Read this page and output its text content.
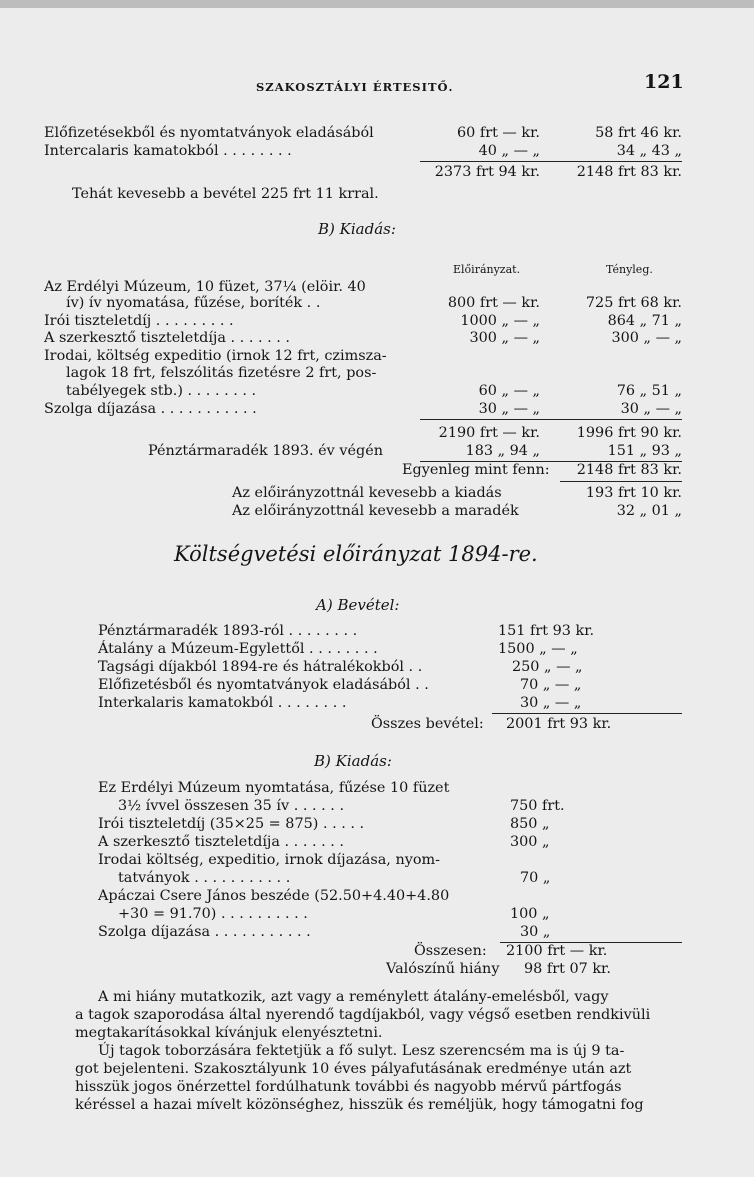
SZAKOSZTÁLYI ÉRTESITŐ.	121
Előfizetésekből és nyomtatványok eladásából	60 frt — kr.	58 frt 46 kr.
Intercalaris kamatokból . . . . . . . .	40 „ — „	34 „ 43 „
2373 frt 94 kr.	2148 frt 83 kr.
Tehát kevesebb a bevétel 225 frt 11 krral.
B) Kiadás:
Előirányzat.	Tényleg.
Az Erdélyi Múzeum, 10 füzet, 37¼ (elöir. 40
ív) ív nyomatása, fűzése, boríték . .	800 frt — kr.	725 frt 68 kr.
Irói tiszteletdíj . . . . . . . . .	1000 „ — „	864 „ 71 „
A szerkesztő tiszteletdíja . . . . . . .	300 „ — „	300 „ — „
Irodai, költség expeditio (irnok 12 frt, czimsza-
lagok 18 frt, felszólitás fizetésre 2 frt, pos-
tabélyegek stb.) . . . . . . . .	60 „ — „	76 „ 51 „
Szolga díjazása . . . . . . . . . . .	30 „ — „	30 „ — „
2190 frt — kr.	1996 frt 90 kr.
Pénztármaradék 1893. év végén	183 „ 94 „	151 „ 93 „
Egyenleg mint fenn:	2148 frt 83 kr.
Az előirányzottnál kevesebb a kiadás	193 frt 10 kr.
Az előirányzottnál kevesebb a maradék	32 „ 01 „
Költségvetési előirányzat 1894-re.
A) Bevétel:
Pénztármaradék 1893-ról . . . . . . . .	151 frt 93 kr.
Átalány a Múzeum-Egylettől . . . . . . . .	1500 „ — „
Tagsági díjakból 1894-re és hátralékokból . .	250 „ — „
Előfizetésből és nyomtatványok eladásából . .	70 „ — „
Interkalaris kamatokból . . . . . . . .	30 „ — „
Összes bevétel: 2001 frt 93 kr.
B) Kiadás:
Ez Erdélyi Múzeum nyomtatása, fűzése 10 füzet
3½ ívvel összesen 35 ív . . . . . .	750 frt.
Irói tiszteletdíj (35×25 = 875) . . . . .	850 „
A szerkesztő tiszteletdíja . . . . . . .	300 „
Irodai költség, expeditio, irnok díjazása, nyom-
tatványok . . . . . . . . . . .	70 „
Apáczai Csere János beszéde (52.50+4.40+4.80
+30 = 91.70) . . . . . . . . . .	100 „
Szolga díjazása . . . . . . . . . . .	30 „
Összesen: 2100 frt — kr.
Valószínű hiány 98 frt 07 kr.
A mi hiány mutatkozik, azt vagy a reménylett átalány-emelésből, vagy
a tagok szaporodása által nyerendő tagdíjakból, vagy végső esetben rendkivüli
megtakarításokkal kívánjuk elenyésztetni.
Új tagok toborzására fektetjük a fő sulyt. Lesz szerencsém ma is új 9 ta-
got bejelenteni. Szakosztályunk 10 éves pályafutásának eredménye után azt
hisszük jogos önérzettel fordúlhatunk további és nagyobb mérvű pártfogás
kéréssel a hazai mívelt közönséghez, hisszük és reméljük, hogy támogatni fog
